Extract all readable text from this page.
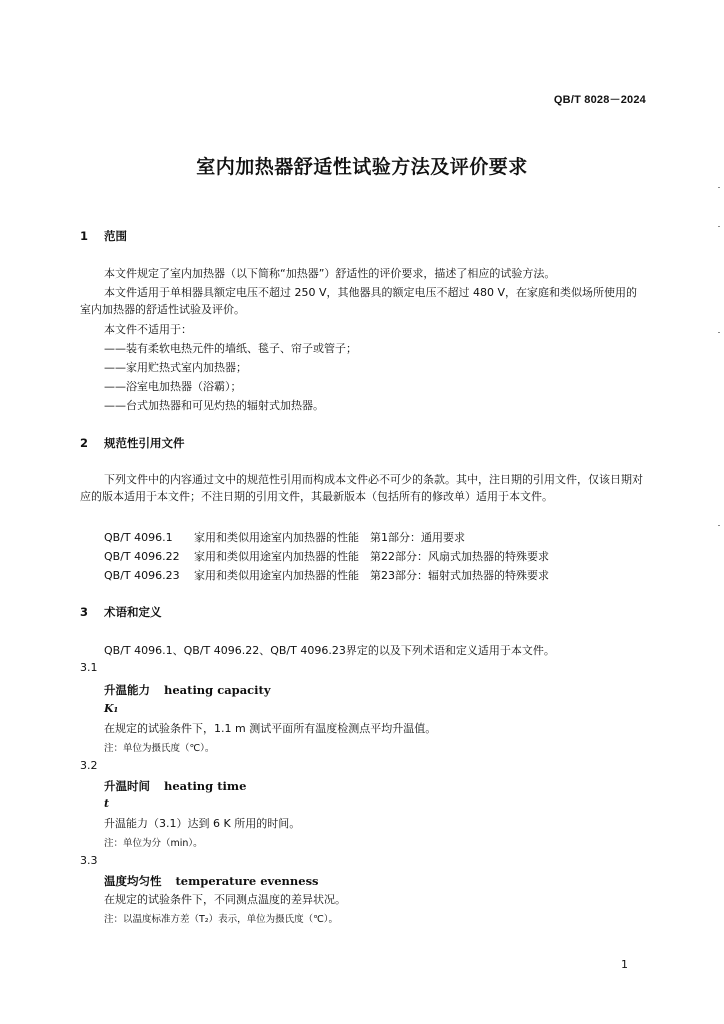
QB/T 8028－2024
室内加热器舒适性试验方法及评价要求
1 范围
本文件规定了室内加热器（以下简称“加热器”）舒适性的评价要求，描述了相应的试验方法。
本文件适用于单相器具额定电压不超过 250 V，其他器具的额定电压不超过 480 V，在家庭和类似场所使用的室内加热器的舒适性试验及评价。
本文件不适用于：
——装有柔软电热元件的墙纸、毯子、帘子或管子；
——家用贮热式室内加热器；
——浴室电加热器（浴霸）；
——台式加热器和可见灼热的辐射式加热器。
2 规范性引用文件
下列文件中的内容通过文中的规范性引用而构成本文件必不可少的条款。其中，注日期的引用文件，仅该日期对应的版本适用于本文件；不注日期的引用文件，其最新版本（包括所有的修改单）适用于本文件。
QB/T 4096.1 家用和类似用途室内加热器的性能　第1部分：通用要求
QB/T 4096.22 家用和类似用途室内加热器的性能　第22部分：风扇式加热器的特殊要求
QB/T 4096.23 家用和类似用途室内加热器的性能　第23部分：辐射式加热器的特殊要求
3 术语和定义
QB/T 4096.1、QB/T 4096.22、QB/T 4096.23界定的以及下列术语和定义适用于本文件。
3.1
升温能力 heating capacity
K₁
在规定的试验条件下，1.1 m 测试平面所有温度检测点平均升温值。
注：单位为摄氏度（℃）。
3.2
升温时间 heating time
t
升温能力（3.1）达到 6 K 所用的时间。
注：单位为分（min）。
3.3
温度均匀性 temperature evenness
在规定的试验条件下，不同测点温度的差异状况。
注：以温度标准方差（T₂）表示，单位为摄氏度（℃）。
1
